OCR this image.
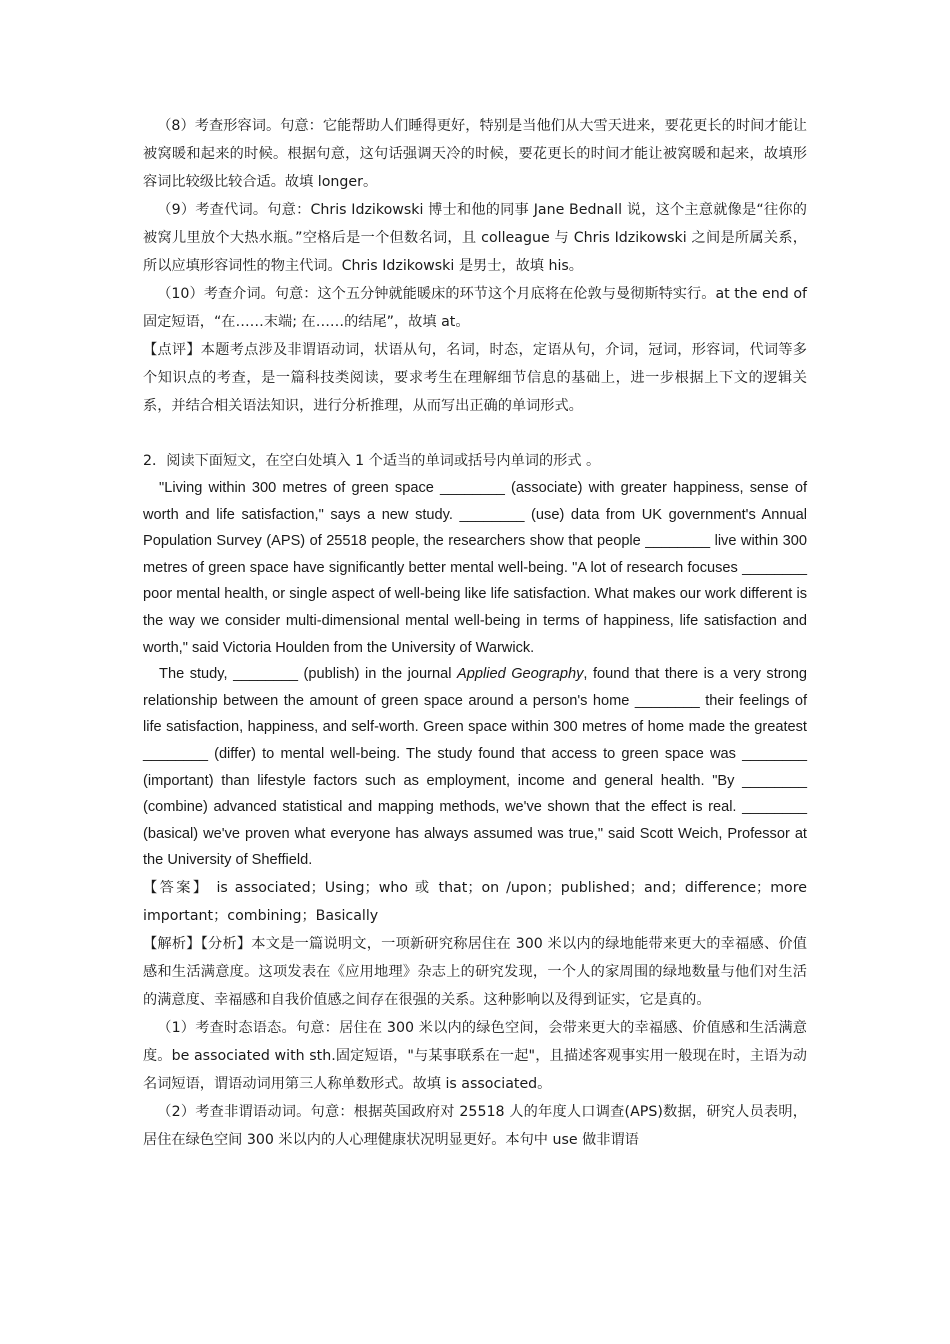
（8）考查形容词。句意：它能帮助人们睡得更好，特别是当他们从大雪天进来，要花更长的时间才能让被窝暖和起来的时候。根据句意，这句话强调天冷的时候，要花更长的时间才能让被窝暖和起来，故填形容词比较级比较合适。故填 longer。

（9）考查代词。句意：Chris Idzikowski 博士和他的同事 Jane Bednall 说，这个主意就像是“往你的被窝儿里放个大热水瓶。”空格后是一个但数名词，且 colleague 与 Chris Idzikowski 之间是所属关系，所以应填形容词性的物主代词。Chris Idzikowski 是男士，故填 his。

（10）考查介词。句意：这个五分钟就能暖床的环节这个月底将在伦敦与曼彻斯特实行。at the end of 固定短语，“在……末端; 在……的结尾”，故填 at。

【点评】本题考点涉及非谓语动词，状语从句，名词，时态，定语从句，介词，冠词，形容词，代词等多个知识点的考查，是一篇科技类阅读，要求考生在理解细节信息的基础上，进一步根据上下文的逻辑关系，并结合相关语法知识，进行分析推理，从而写出正确的单词形式。

2．阅读下面短文，在空白处填入 1 个适当的单词或括号内单词的形式 。

"Living within 300 metres of green space ________ (associate) with greater happiness, sense of worth and life satisfaction," says a new study. ________ (use) data from UK government's Annual Population Survey (APS) of 25518 people, the researchers show that people ________ live within 300 metres of green space have significantly better mental well-being. "A lot of research focuses ________ poor mental health, or single aspect of well-being like life satisfaction. What makes our work different is the way we consider multi-dimensional mental well-being in terms of happiness, life satisfaction and worth," said Victoria Houlden from the University of Warwick.

The study, ________ (publish) in the journal Applied Geography, found that there is a very strong relationship between the amount of green space around a person's home ________ their feelings of life satisfaction, happiness, and self-worth. Green space within 300 metres of home made the greatest ________ (differ) to mental well-being. The study found that access to green space was ________ (important) than lifestyle factors such as employment, income and general health. "By ________ (combine) advanced statistical and mapping methods, we've shown that the effect is real. ________ (basical) we've proven what everyone has always assumed was true," said Scott Weich, Professor at the University of Sheffield.

【答案】 is associated；Using；who 或 that；on /upon；published；and；difference；more important；combining；Basically

【解析】【分析】本文是一篇说明文，一项新研究称居住在 300 米以内的绿地能带来更大的幸福感、价值感和生活满意度。这项发表在《应用地理》杂志上的研究发现，一个人的家周围的绿地数量与他们对生活的满意度、幸福感和自我价值感之间存在很强的关系。这种影响以及得到证实，它是真的。

（1）考查时态语态。句意：居住在 300 米以内的绿色空间，会带来更大的幸福感、价值感和生活满意度。be associated with sth.固定短语，"与某事联系在一起"，且描述客观事实用一般现在时，主语为动名词短语，谓语动词用第三人称单数形式。故填 is associated。

（2）考查非谓语动词。句意：根据英国政府对 25518 人的年度人口调查(APS)数据，研究人员表明，居住在绿色空间 300 米以内的人心理健康状况明显更好。本句中 use 做非谓语
